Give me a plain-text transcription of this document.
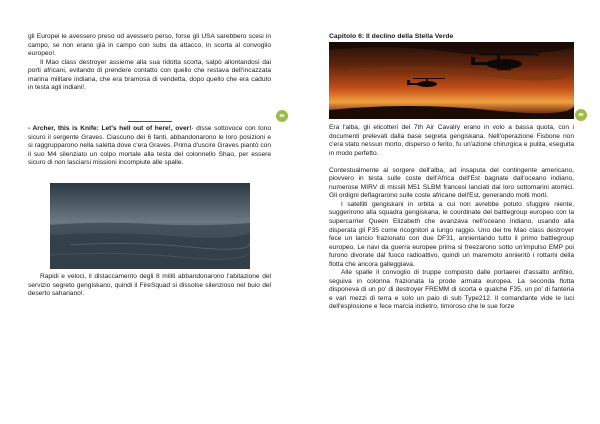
gli Europei le avessero preso od avessero perso, forse gli USA sarebbero scesi in campo, se non erano già in campo con subs da attacco, in scorta al convoglio europeo!.

Il Mao class destroyer assieme alla sua ridotta scorta, salpò allontandosi dai porti africani, evitando di prendere contatto con quello che restava dell'incazzata marina militare indiana, che era bramosa di vendetta, dopo quello che era caduto in testa agli indiani!.

- Archer, this is Knife: Let's hell out of here!, over!- disse sottovoce con tono sicuro il sergente Graves. Ciascuno dei 6 fanti, abbandonarono le loro posizioni e si raggrupparono nella saletta dove c'era Graves. Prima d'uscire Graves piantò con il suo M4 silenziato un colpo mortale alla testa del colonnello Shao, per essere sicuro di non lasciarsi missioni incompiute alle spalle.

Rapidi e veloci, il distaccamento degli 8 militi abbandonarono l'abitazione del servizio segreto gengiskano, quindi il FireSquad si dissolse silenzioso nel buio del deserto sahariano!.

86
Capitolo 6: Il declino della Stella Verde

Era l'alba, gli elicotteri del 7th Air Cavalry erano in volo a bassa quota, con i documenti prelevati dalla base segreta gengiskana. Nell'operazione Fisbone non c'era stato nessun morto, disperso o ferito, fu un'azione chirurgica e pulita, eseguita in modo perfetto.

Contestualmente al sorgere dell'alba, ad insaputa del contingente americano, piovvero in testa sulle coste dell'Africa dell'Est bagnate dall'oceano indiano, numerose MIRV di missili M51 SLBM francesi lanciati dai loro sottomarini atomici. Gli ordigni deflagrarono sulle coste africane dell'Est, generando molti morti.

I satelliti gengiskani in orbita a cui non avrebbe potuto sfuggire niente, suggerirono alla squadra gengiskana, le coordinate del battlegroup europeo con la supercarrier Queen Elizabeth che avanzava nell'oceano indiano, usando alla disperata gli F35 come ricognitori a lungo raggio. Uno dei tre Mao class destroyer fece un lancio frazionato con due DF31, annientando tutto il primo battlegroup europeo. Le navi da guerra europee prima si freezarono sotto un'impulso EMP poi furono divorate dal fuoco radioattivo, quindi un maremoto annientò i rottami della flotta che ancora galleggiava.

Alle spalle il convoglio di truppe composto dalle portaerei d'assalto anfibio, seguiva in colonna frazionata la prode armata europea. La seconda flotta disponeva di un po' di destroyer FREMM di scorta e qualche F35, un po' di fanteria e vari mezzi di terra e solo un paio di sub Type212. Il comandante vide le luci dell'esplosione e fece marcia indietro, timoroso che le sue forze

88
